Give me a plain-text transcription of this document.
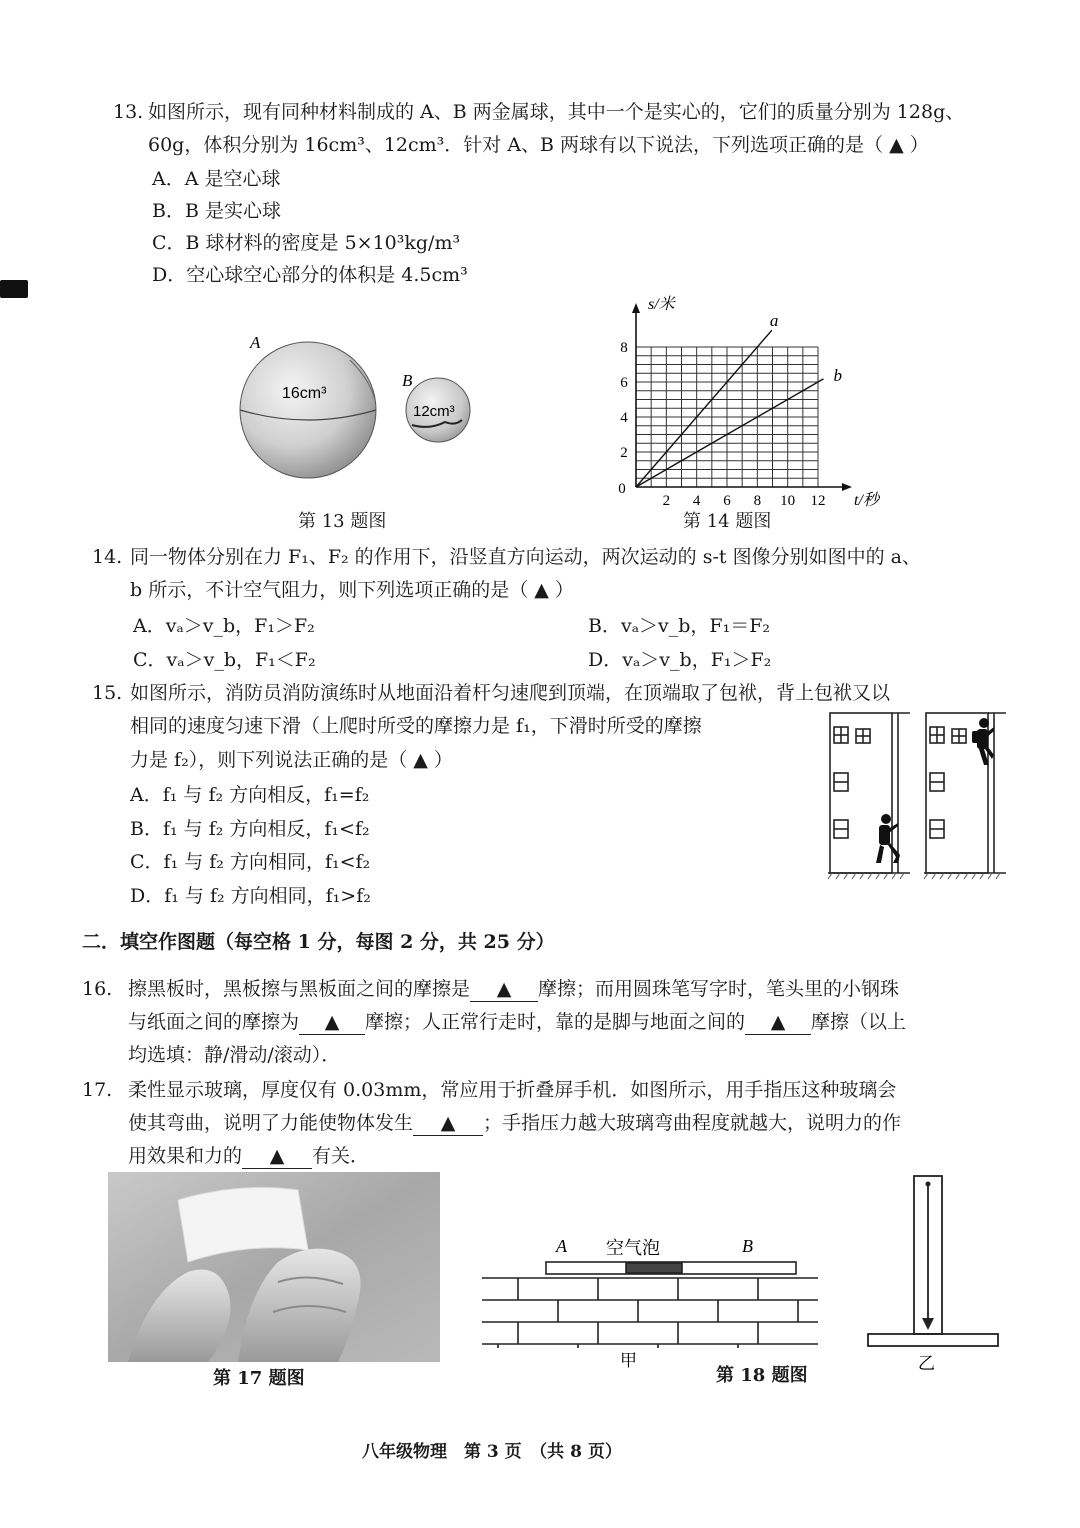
13. 如图所示，现有同种材料制成的 A、B 两金属球，其中一个是实心的，它们的质量分别为 128g、
60g，体积分别为 16cm³、12cm³．针对 A、B 两球有以下说法，下列选项正确的是（ ▲ ）
A．A 是空心球
B．B 是实心球
C．B 球材料的密度是 5×10³kg/m³
D．空心球空心部分的体积是 4.5cm³
A
16cm³
B
12cm³
第 13 题图
2 4 6 8 10 12
2
4
6
8
0
s/米
t/秒
a
b
第 14 题图
14. 同一物体分别在力 F₁、F₂ 的作用下，沿竖直方向运动，两次运动的 s-t 图像分别如图中的 a、
b 所示，不计空气阻力，则下列选项正确的是（ ▲ ）
A．vₐ＞v_b，F₁＞F₂	B．vₐ＞v_b，F₁＝F₂
C．vₐ＞v_b，F₁＜F₂	D．vₐ＞v_b，F₁＞F₂
15. 如图所示，消防员消防演练时从地面沿着杆匀速爬到顶端，在顶端取了包袱，背上包袱又以
相同的速度匀速下滑（上爬时所受的摩擦力是 f₁，下滑时所受的摩擦
力是 f₂），则下列说法正确的是（ ▲ ）
A．f₁ 与 f₂ 方向相反，f₁=f₂
B．f₁ 与 f₂ 方向相反，f₁<f₂
C．f₁ 与 f₂ 方向相同，f₁<f₂
D．f₁ 与 f₂ 方向相同，f₁>f₂
二．填空作图题（每空格 1 分，每图 2 分，共 25 分）
16. 擦黑板时，黑板擦与黑板面之间的摩擦是 ▲ 摩擦；而用圆珠笔写字时，笔头里的小钢珠
与纸面之间的摩擦为 ▲ 摩擦；人正常行走时，靠的是脚与地面之间的 ▲ 摩擦（以上
均选填：静/滑动/滚动）．
17. 柔性显示玻璃，厚度仅有 0.03mm，常应用于折叠屏手机．如图所示，用手指压这种玻璃会
使其弯曲，说明了力能使物体发生 ▲ ；手指压力越大玻璃弯曲程度就越大，说明力的作
用效果和力的 ▲ 有关．
第 17 题图
A 空气泡	B
甲
第 18 题图
乙
八年级物理　第 3 页　（共 8 页）
